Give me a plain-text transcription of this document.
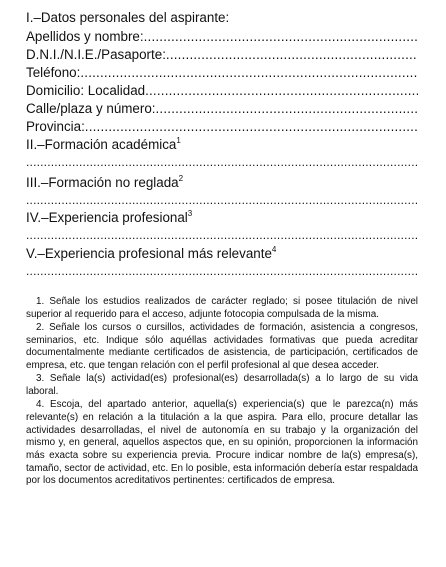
I.–Datos personales del aspirante:
Apellidos y nombre:
.....
D.N.I./N.I.E./Pasaporte:
.....
Teléfono:
.....
Domicilio: Localidad
.....
Calle/plaza y número:
.....
Provincia:
.....
II.–Formación académica$^1$
.....
III.–Formación no reglada$^2$
.....
IV.–Experiencia profesional$^3$
.....
V.–Experiencia profesional más relevante$^4$
.....

1. Señale los estudios realizados de carácter reglado; si posee titulación de nivel superior al requerido para el acceso, adjunte fotocopia compulsada de la misma.

2. Señale los cursos o cursillos, actividades de formación, asistencia a congresos, seminarios, etc. Indique sólo aquéllas actividades formativas que pueda acreditar documentalmente mediante certificados de asistencia, de participación, certificados de empresa, etc. que tengan relación con el perfil profesional al que desea acceder.

3. Señale la(s) actividad(es) profesional(es) desarrollada(s) a lo largo de su vida laboral.

4. Escoja, del apartado anterior, aquella(s) experiencia(s) que le parezca(n) más relevante(s) en relación a la titulación a la que aspira. Para ello, procure detallar las actividades desarrolladas, el nivel de autonomía en su trabajo y la organización del mismo y, en general, aquellos aspectos que, en su opinión, proporcionen la información más exacta sobre su experiencia previa. Procure indicar nombre de la(s) empresa(s), tamaño, sector de actividad, etc. En lo posible, esta información debería estar respaldada por los documentos acreditativos pertinentes: certificados de empresa.
